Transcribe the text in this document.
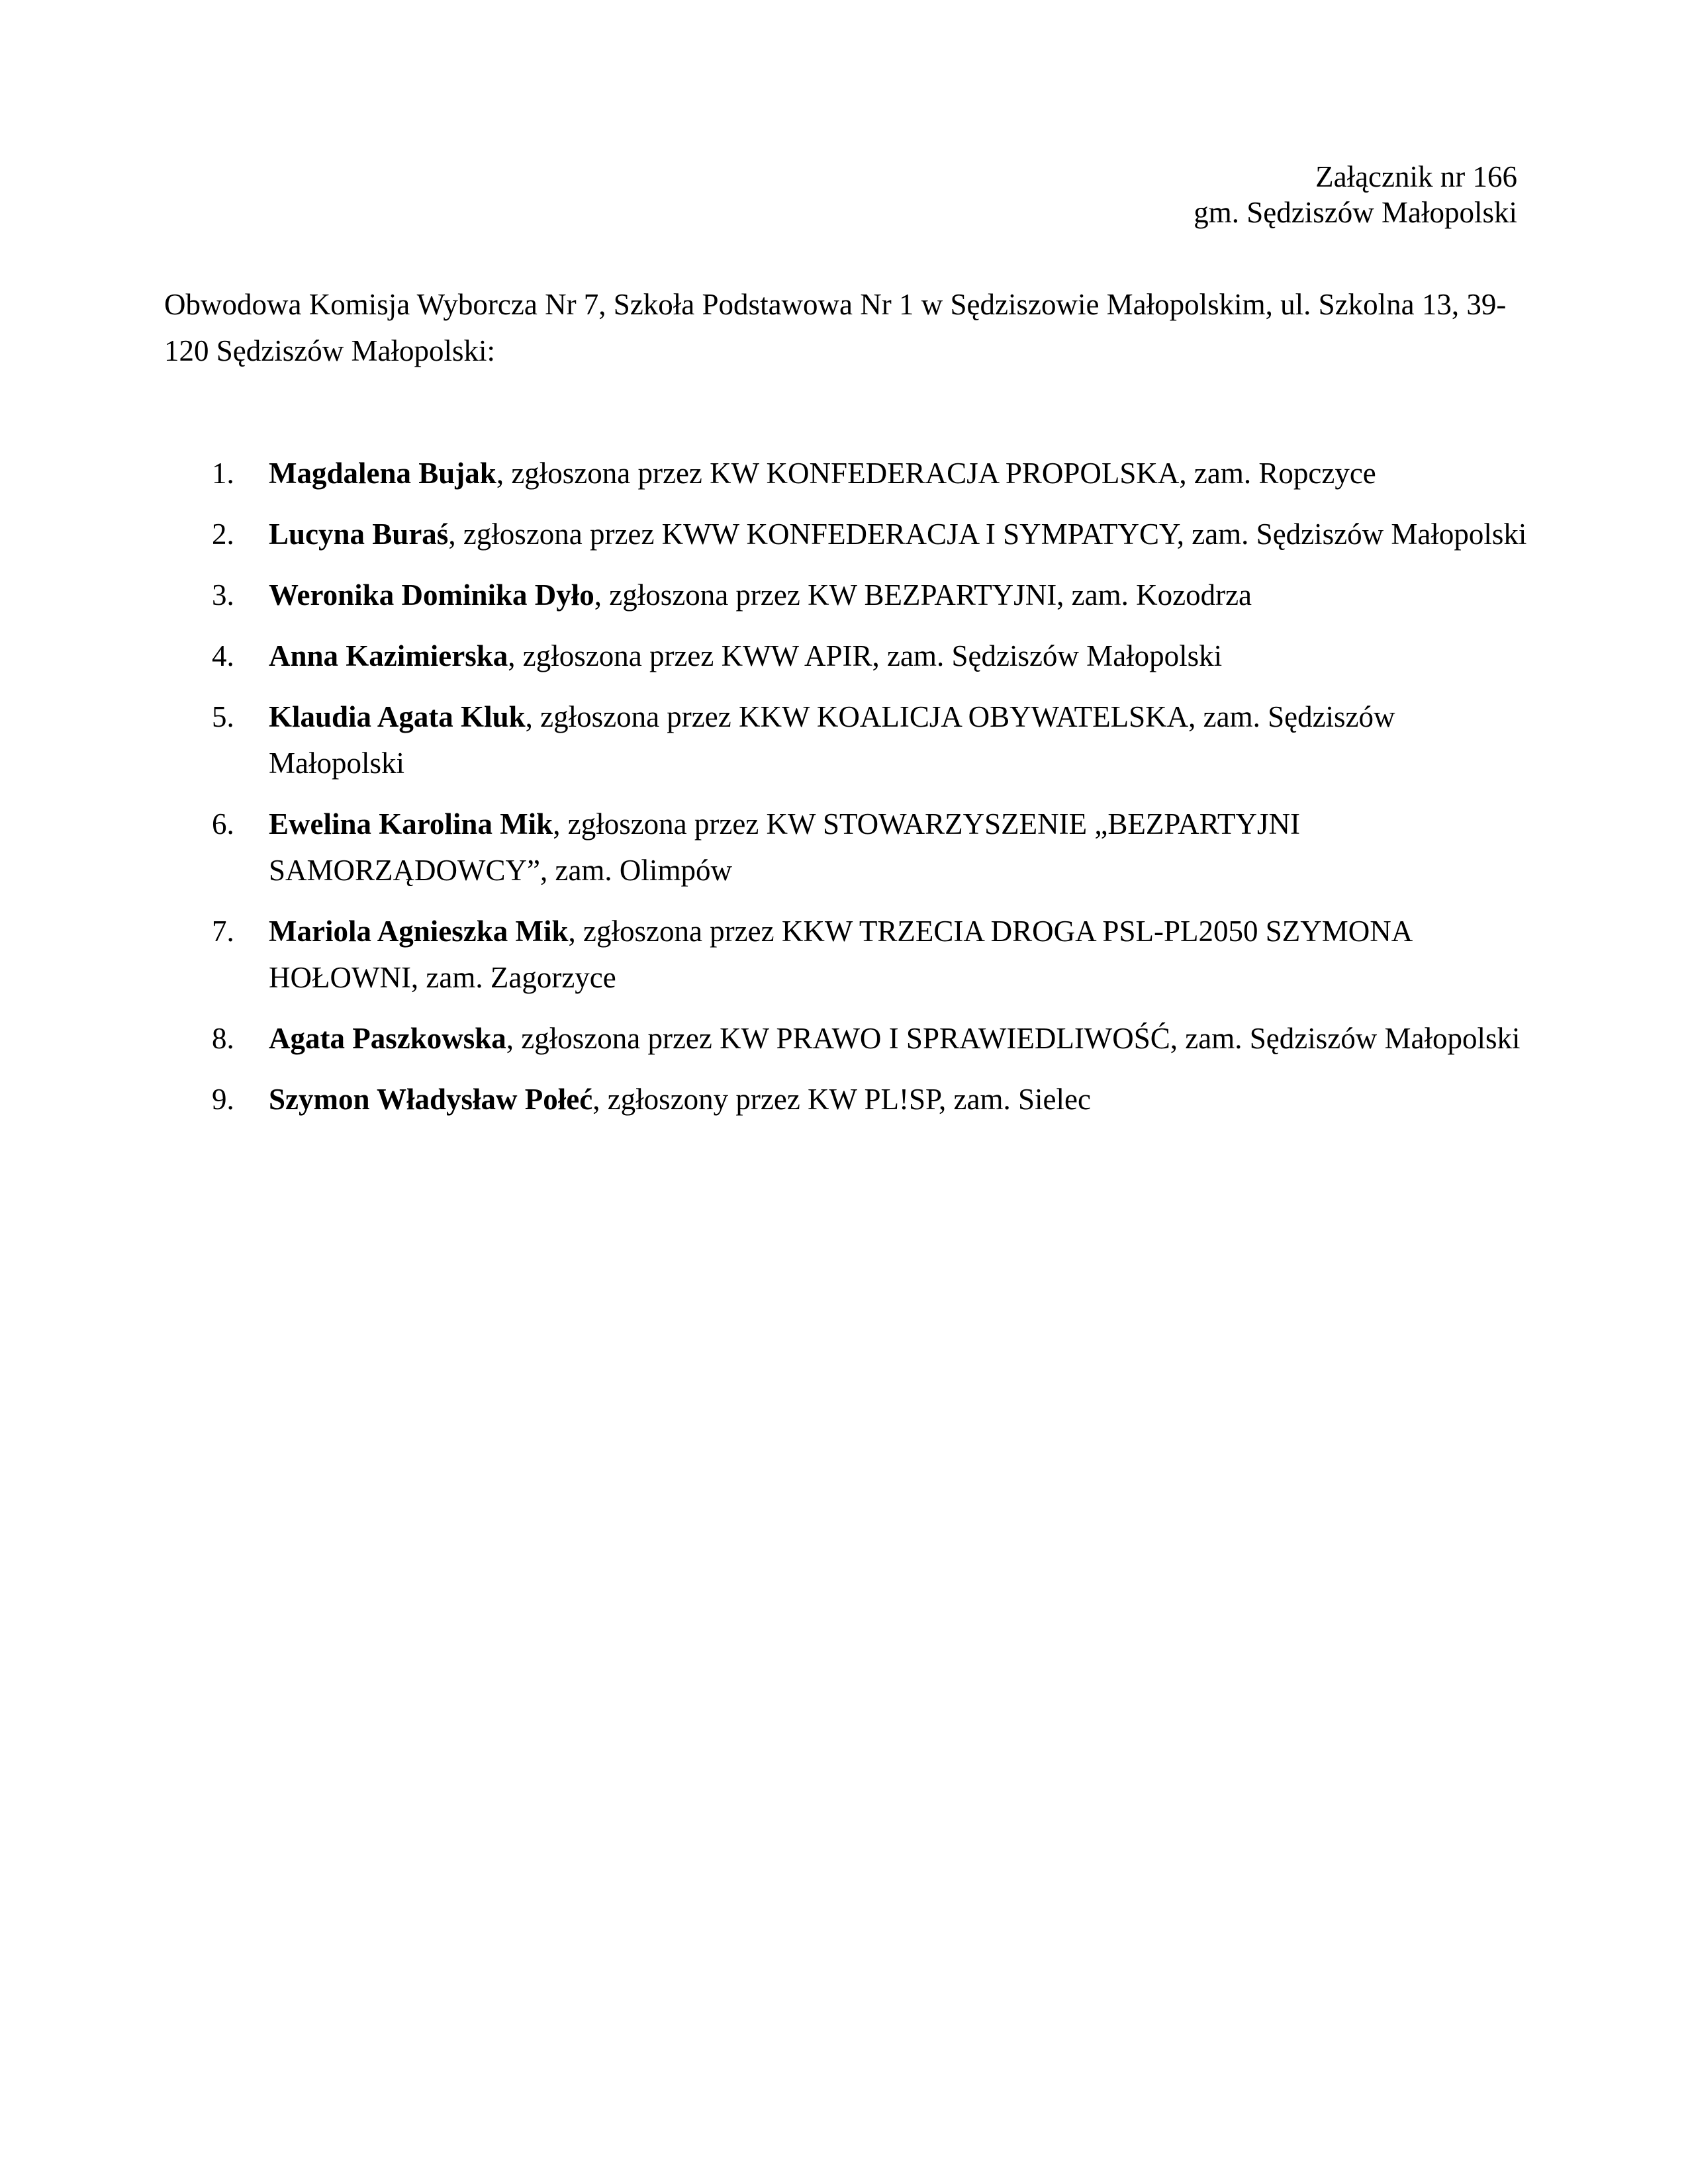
Załącznik nr 166
gm. Sędziszów Małopolski
Obwodowa Komisja Wyborcza Nr 7, Szkoła Podstawowa Nr 1 w Sędziszowie Małopolskim, ul. Szkolna 13, 39-120 Sędziszów Małopolski:
1. Magdalena Bujak, zgłoszona przez KW KONFEDERACJA PROPOLSKA, zam. Ropczyce
2. Lucyna Buraś, zgłoszona przez KWW KONFEDERACJA I SYMPATYCY, zam. Sędziszów Małopolski
3. Weronika Dominika Dyło, zgłoszona przez KW BEZPARTYJNI, zam. Kozodrza
4. Anna Kazimierska, zgłoszona przez KWW APIR, zam. Sędziszów Małopolski
5. Klaudia Agata Kluk, zgłoszona przez KKW KOALICJA OBYWATELSKA, zam. Sędziszów Małopolski
6. Ewelina Karolina Mik, zgłoszona przez KW STOWARZYSZENIE „BEZPARTYJNI SAMORZĄDOWCY”, zam. Olimpów
7. Mariola Agnieszka Mik, zgłoszona przez KKW TRZECIA DROGA PSL-PL2050 SZYMONA HOŁOWNI, zam. Zagorzyce
8. Agata Paszkowska, zgłoszona przez KW PRAWO I SPRAWIEDLIWOŚĆ, zam. Sędziszów Małopolski
9. Szymon Władysław Połeć, zgłoszony przez KW PL!SP, zam. Sielec
